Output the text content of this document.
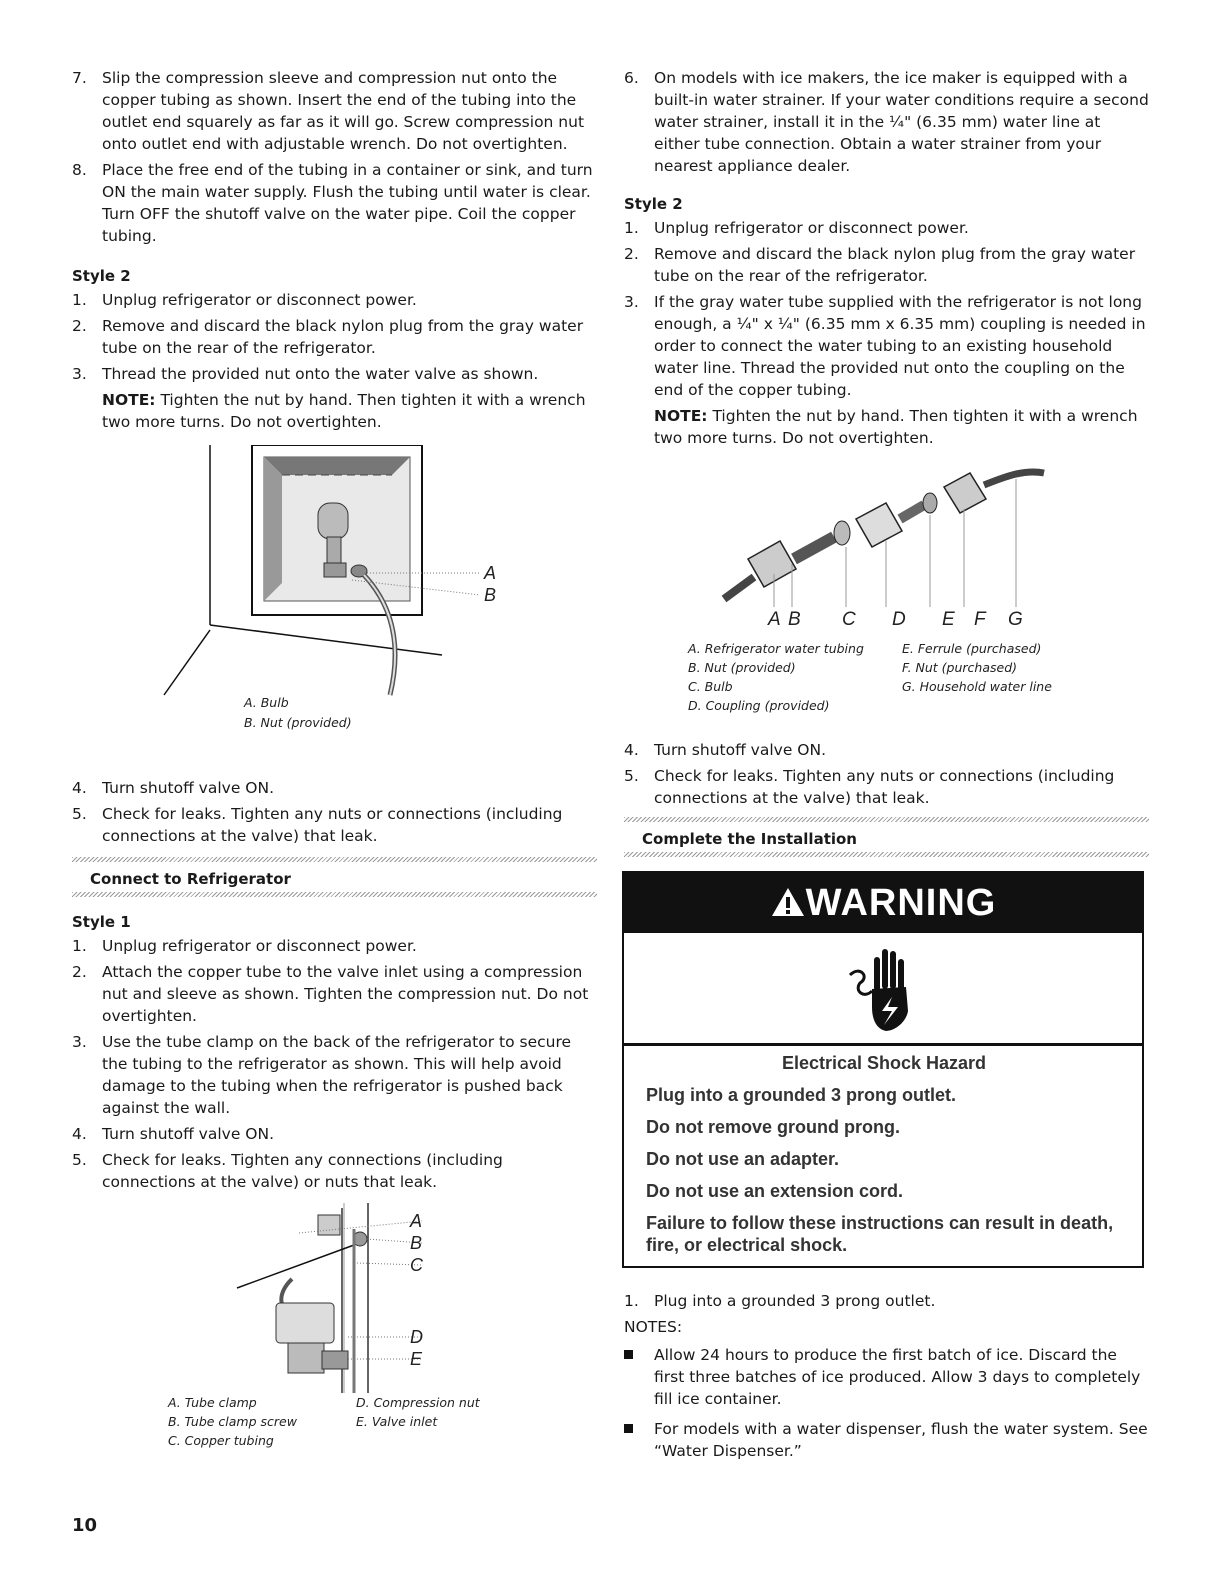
7. Slip the compression sleeve and compression nut onto the copper tubing as shown. Insert the end of the tubing into the outlet end squarely as far as it will go. Screw compression nut onto outlet end with adjustable wrench. Do not overtighten.
8. Place the free end of the tubing in a container or sink, and turn ON the main water supply. Flush the tubing until water is clear. Turn OFF the shutoff valve on the water pipe. Coil the copper tubing.
Style 2
1. Unplug refrigerator or disconnect power.
2. Remove and discard the black nylon plug from the gray water tube on the rear of the refrigerator.
3. Thread the provided nut onto the water valve as shown.
NOTE: Tighten the nut by hand. Then tighten it with a wrench two more turns. Do not overtighten.
A
B
A. Bulb
B. Nut (provided)
4. Turn shutoff valve ON.
5. Check for leaks. Tighten any nuts or connections (including connections at the valve) that leak.
Connect to Refrigerator
Style 1
1. Unplug refrigerator or disconnect power.
2. Attach the copper tube to the valve inlet using a compression nut and sleeve as shown. Tighten the compression nut. Do not overtighten.
3. Use the tube clamp on the back of the refrigerator to secure the tubing to the refrigerator as shown. This will help avoid damage to the tubing when the refrigerator is pushed back against the wall.
4. Turn shutoff valve ON.
5. Check for leaks. Tighten any connections (including connections at the valve) or nuts that leak.
A
B
C
D
E
A. Tube clamp
B. Tube clamp screw
C. Copper tubing
D. Compression nut
E. Valve inlet
6. On models with ice makers, the ice maker is equipped with a built-in water strainer. If your water conditions require a second water strainer, install it in the ¼" (6.35 mm) water line at either tube connection. Obtain a water strainer from your nearest appliance dealer.
Style 2
1. Unplug refrigerator or disconnect power.
2. Remove and discard the black nylon plug from the gray water tube on the rear of the refrigerator.
3. If the gray water tube supplied with the refrigerator is not long enough, a ¼" x ¼" (6.35 mm x 6.35 mm) coupling is needed in order to connect the water tubing to an existing household water line. Thread the provided nut onto the coupling on the end of the copper tubing.
NOTE: Tighten the nut by hand. Then tighten it with a wrench two more turns. Do not overtighten.
A B C D E F G
A. Refrigerator water tubing
B. Nut (provided)
C. Bulb
D. Coupling (provided)
E. Ferrule (purchased)
F. Nut (purchased)
G. Household water line
4. Turn shutoff valve ON.
5. Check for leaks. Tighten any nuts or connections (including connections at the valve) that leak.
Complete the Installation
WARNING
Electrical Shock Hazard
Plug into a grounded 3 prong outlet.
Do not remove ground prong.
Do not use an adapter.
Do not use an extension cord.
Failure to follow these instructions can result in death, fire, or electrical shock.
1. Plug into a grounded 3 prong outlet.
NOTES:
Allow 24 hours to produce the first batch of ice. Discard the first three batches of ice produced. Allow 3 days to completely fill ice container.
For models with a water dispenser, flush the water system. See “Water Dispenser.”
10
